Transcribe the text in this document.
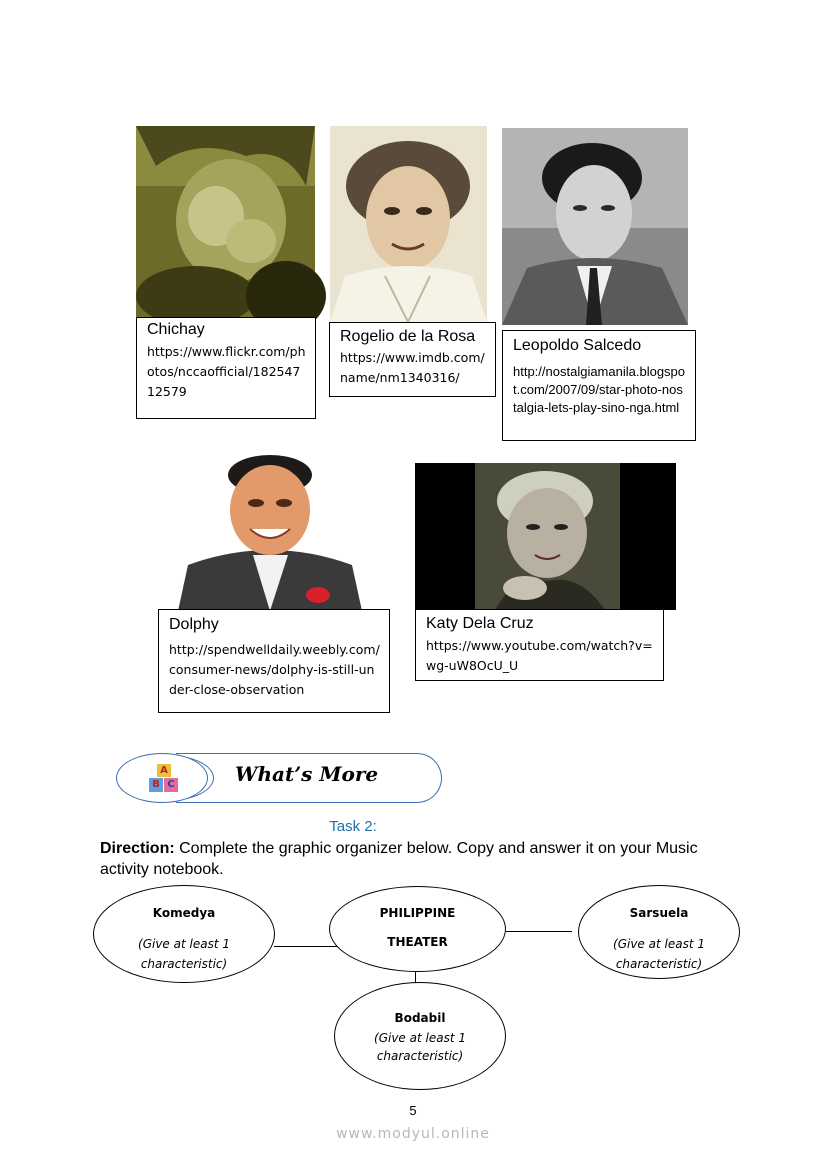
Chichay
https://www.flickr.com/photos/nccaofficial/18254712579
Rogelio de la Rosa
https://www.imdb.com/name/nm1340316/
Leopoldo Salcedo
http://nostalgiamanila.blogspot.com/2007/09/star-photo-nostalgia-lets-play-sino-nga.html
Dolphy
http://spendwelldaily.weebly.com/consumer-news/dolphy-is-still-under-close-observation
Katy Dela Cruz
https://www.youtube.com/watch?v=wg-uW8OcU_U
A
B C	What’s More
Task 2:
Direction: Complete the graphic organizer below. Copy and answer it on your Music activity notebook.
Komedya
(Give at least 1 characteristic)
PHILIPPINE
THEATER
Sarsuela
(Give at least 1 characteristic)
Bodabil
(Give at least 1 characteristic)
5
www.modyul.online
